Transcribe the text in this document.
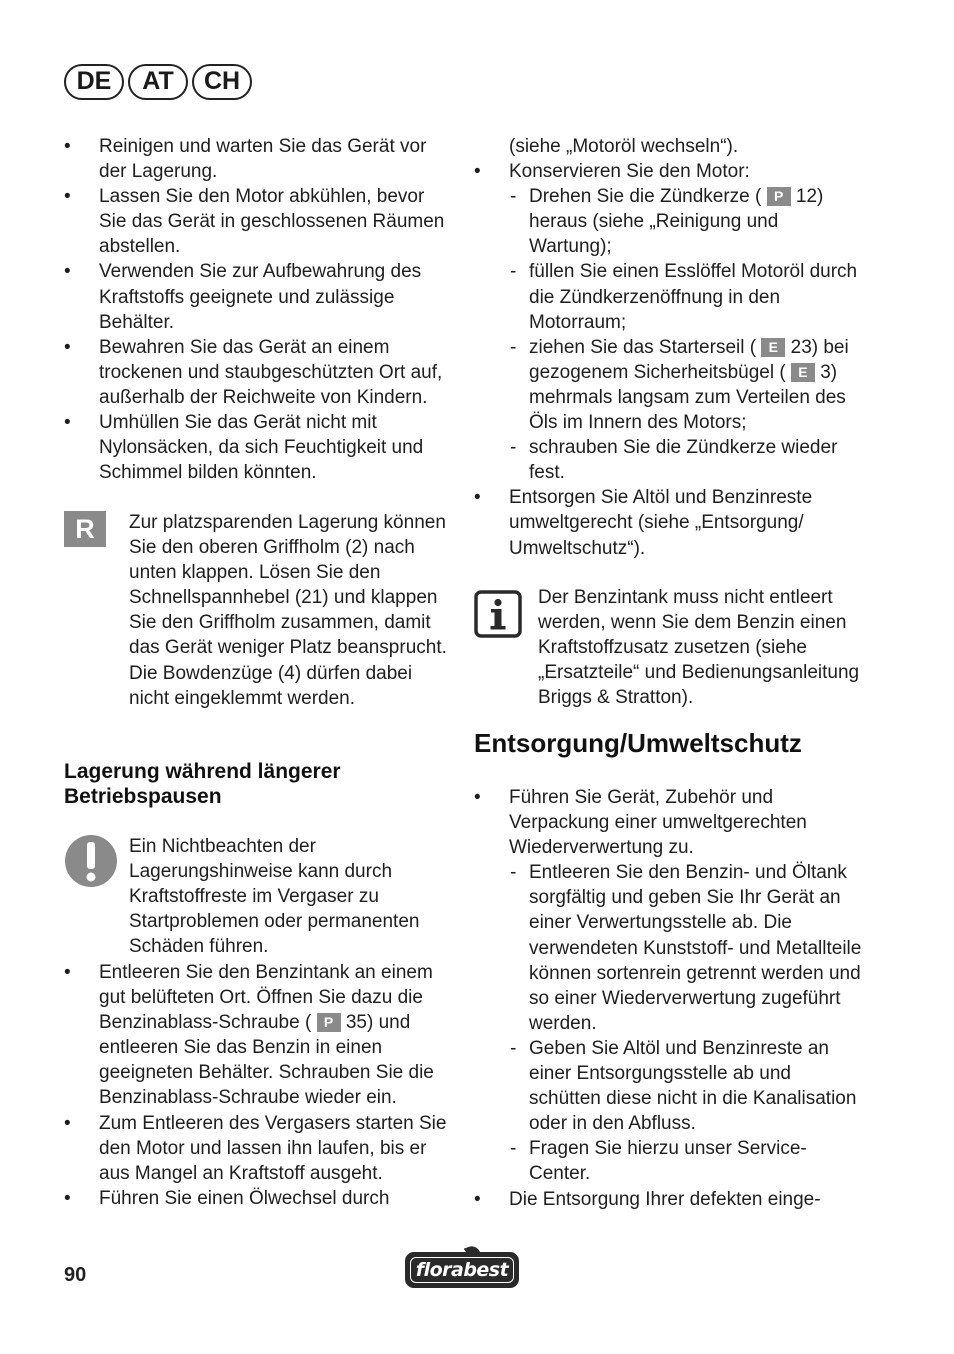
DE	AT	CH
• Reinigen und warten Sie das Gerät vor der Lagerung.
• Lassen Sie den Motor abkühlen, bevor Sie das Gerät in geschlossenen Räumen abstellen.
• Verwenden Sie zur Aufbewahrung des Kraftstoffs geeignete und zulässige Behälter.
• Bewahren Sie das Gerät an einem trockenen und staubgeschützten Ort auf, außerhalb der Reichweite von Kindern.
• Umhüllen Sie das Gerät nicht mit Nylonsäcken, da sich Feuchtigkeit und Schimmel bilden könnten.
R	Zur platzsparenden Lagerung können Sie den oberen Griffholm (2) nach unten klappen. Lösen Sie den Schnellspannhebel (21) und klappen Sie den Griffholm zusammen, damit das Gerät weniger Platz beansprucht. Die Bowdenzüge (4) dürfen dabei nicht eingeklemmt werden.
Lagerung während längerer
Betriebspausen
Ein Nichtbeachten der Lagerungshinweise kann durch Kraftstoffreste im Vergaser zu Startproblemen oder permanenten Schäden führen.
• Entleeren Sie den Benzintank an einem gut belüfteten Ort. Öffnen Sie dazu die Benzinablass-Schraube ( P 35) und entleeren Sie das Benzin in einen geeigneten Behälter. Schrauben Sie die Benzinablass-Schraube wieder ein.
• Zum Entleeren des Vergasers starten Sie den Motor und lassen ihn laufen, bis er aus Mangel an Kraftstoff ausgeht.
• Führen Sie einen Ölwechsel durch
(siehe „Motoröl wechseln“).
• Konservieren Sie den Motor:
- Drehen Sie die Zündkerze ( P 12) heraus (siehe „Reinigung und Wartung);
- füllen Sie einen Esslöffel Motoröl durch die Zündkerzenöffnung in den Motorraum;
- ziehen Sie das Starterseil ( E 23) bei gezogenem Sicherheitsbügel ( E 3) mehrmals langsam zum Verteilen des Öls im Innern des Motors;
- schrauben Sie die Zündkerze wieder fest.
• Entsorgen Sie Altöl und Benzinreste umweltgerecht (siehe „Entsorgung/ Umweltschutz“).
Der Benzintank muss nicht entleert werden, wenn Sie dem Benzin einen Kraftstoffzusatz zusetzen (siehe „Ersatzteile“ und Bedienungsanleitung Briggs & Stratton).
Entsorgung/Umweltschutz
• Führen Sie Gerät, Zubehör und Verpackung einer umweltgerechten Wiederverwertung zu.
- Entleeren Sie den Benzin- und Öltank sorgfältig und geben Sie Ihr Gerät an einer Verwertungsstelle ab. Die verwendeten Kunststoff- und Metallteile können sortenrein getrennt werden und so einer Wiederverwertung zugeführt werden.
- Geben Sie Altöl und Benzinreste an einer Entsorgungsstelle ab und schütten diese nicht in die Kanalisation oder in den Abfluss.
- Fragen Sie hierzu unser Service-Center.
• Die Entsorgung Ihrer defekten einge-
90	florabest
